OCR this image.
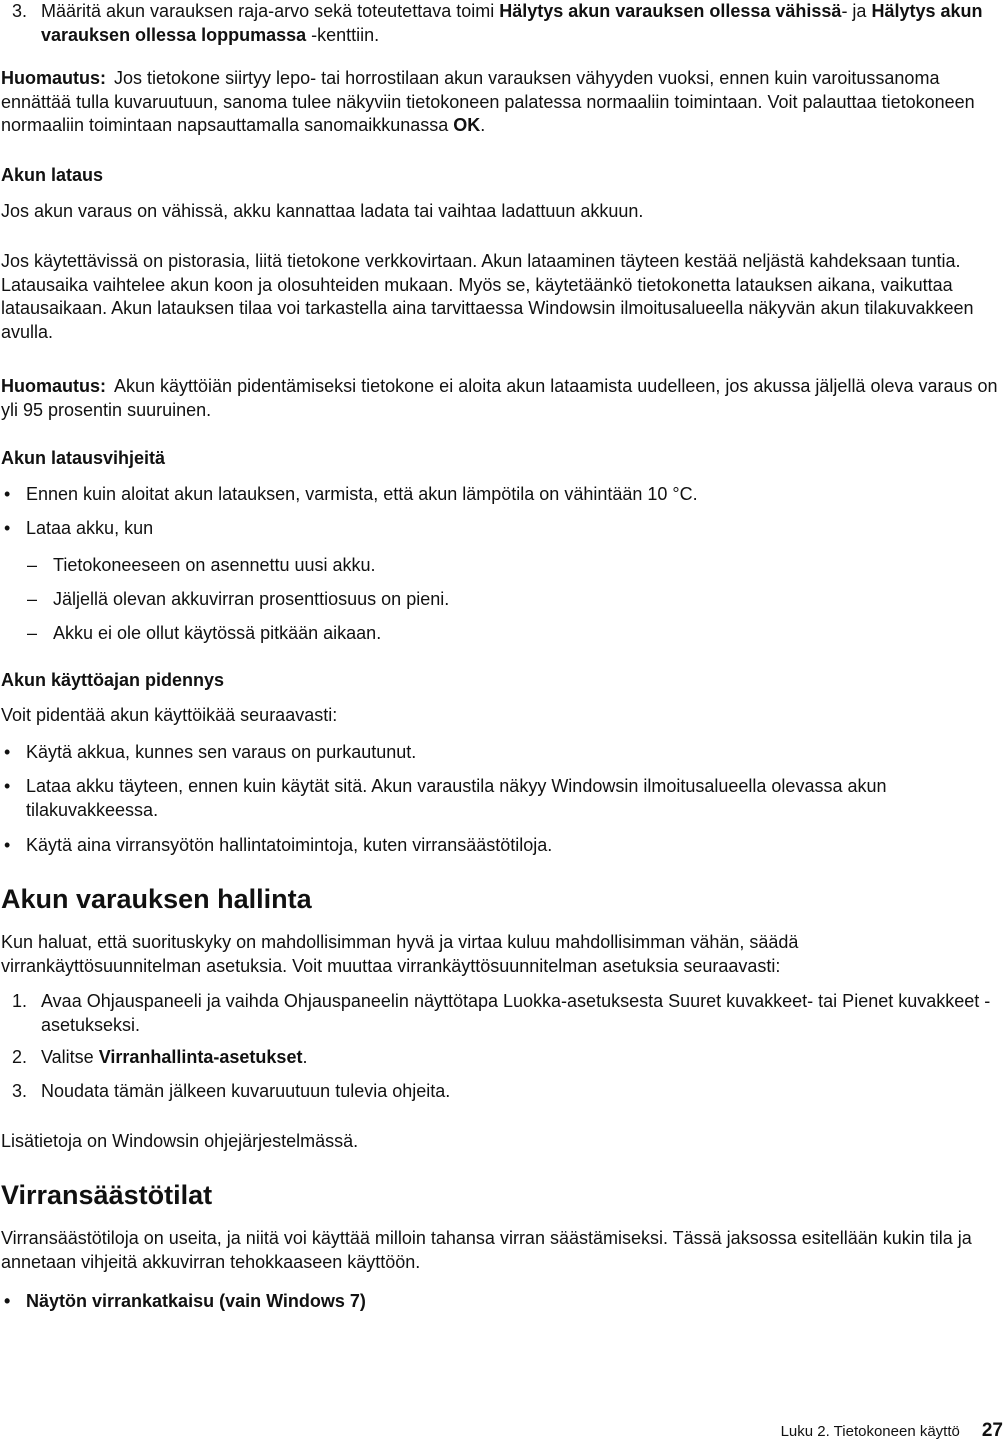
3. Määritä akun varauksen raja-arvo sekä toteutettava toimi Hälytys akun varauksen ollessa vähissä- ja Hälytys akun varauksen ollessa loppumassa -kenttiin.

Huomautus: Jos tietokone siirtyy lepo- tai horrostilaan akun varauksen vähyyden vuoksi, ennen kuin varoitussanoma ennättää tulla kuvaruutuun, sanoma tulee näkyviin tietokoneen palatessa normaaliin toimintaan. Voit palauttaa tietokoneen normaaliin toimintaan napsauttamalla sanomaikkunassa OK.

Akun lataus

Jos akun varaus on vähissä, akku kannattaa ladata tai vaihtaa ladattuun akkuun.

Jos käytettävissä on pistorasia, liitä tietokone verkkovirtaan. Akun lataaminen täyteen kestää neljästä kahdeksaan tuntia. Latausaika vaihtelee akun koon ja olosuhteiden mukaan. Myös se, käytetäänkö tietokonetta latauksen aikana, vaikuttaa latausaikaan. Akun latauksen tilaa voi tarkastella aina tarvittaessa Windowsin ilmoitusalueella näkyvän akun tilakuvakkeen avulla.

Huomautus: Akun käyttöiän pidentämiseksi tietokone ei aloita akun lataamista uudelleen, jos akussa jäljellä oleva varaus on yli 95 prosentin suuruinen.

Akun latausvihjeitä
• Ennen kuin aloitat akun latauksen, varmista, että akun lämpötila on vähintään 10 °C.
• Lataa akku, kun
– Tietokoneeseen on asennettu uusi akku.
– Jäljellä olevan akkuvirran prosenttiosuus on pieni.
– Akku ei ole ollut käytössä pitkään aikaan.
Akun käyttöajan pidennys

Voit pidentää akun käyttöikää seuraavasti:

• Käytä akkua, kunnes sen varaus on purkautunut.
• Lataa akku täyteen, ennen kuin käytät sitä. Akun varaustila näkyy Windowsin ilmoitusalueella olevassa akun tilakuvakkeessa.
• Käytä aina virransyötön hallintatoimintoja, kuten virransäästötiloja.
Akun varauksen hallinta

Kun haluat, että suorituskyky on mahdollisimman hyvä ja virtaa kuluu mahdollisimman vähän, säädä virrankäyttösuunnitelman asetuksia. Voit muuttaa virrankäyttösuunnitelman asetuksia seuraavasti:

1. Avaa Ohjauspaneeli ja vaihda Ohjauspaneelin näyttötapa Luokka-asetuksesta Suuret kuvakkeet- tai Pienet kuvakkeet -asetukseksi.
2. Valitse Virranhallinta-asetukset.
3. Noudata tämän jälkeen kuvaruutuun tulevia ohjeita.

Lisätietoja on Windowsin ohjejärjestelmässä.

Virransäästötilat

Virransäästötiloja on useita, ja niitä voi käyttää milloin tahansa virran säästämiseksi. Tässä jaksossa esitellään kukin tila ja annetaan vihjeitä akkuvirran tehokkaaseen käyttöön.

• Näytön virrankatkaisu (vain Windows 7)
Luku 2. Tietokoneen käyttö 27
